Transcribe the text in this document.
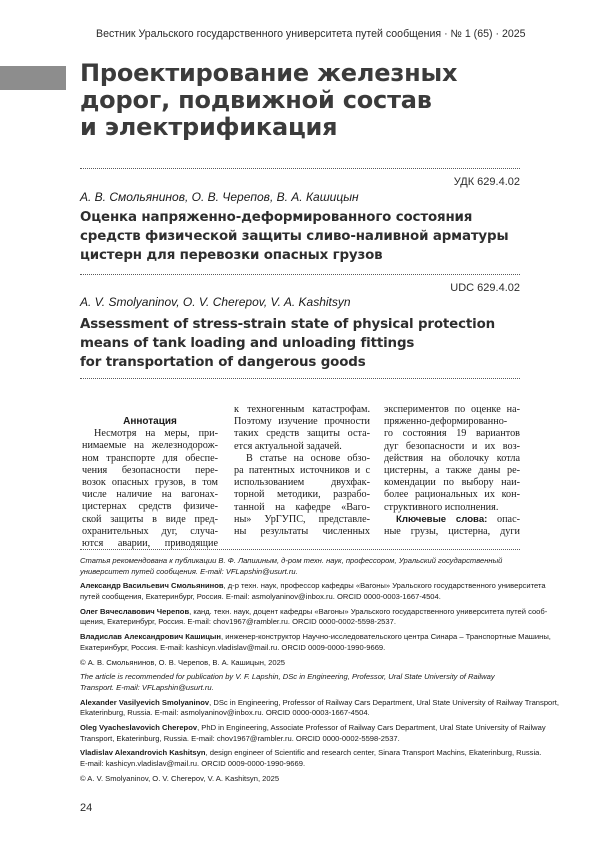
Вестник Уральского государственного университета путей сообщения · № 1 (65) · 2025
Проектирование железных
дорог, подвижной состав
и электрификация
УДК 629.4.02
А. В. Смольянинов, О. В. Черепов, В. А. Кашицын
Оценка напряженно-деформированного состояния
средств физической защиты сливо-наливной арматуры
цистерн для перевозки опасных грузов
UDC 629.4.02
A. V. Smolyaninov, O. V. Cherepov, V. A. Kashitsyn
Assessment of stress-strain state of physical protection
means of tank loading and unloading fittings
for transportation of dangerous goods
Аннотация
Несмотря на меры, при-
нимаемые на железнодорож-
ном транспорте для обеспе-
чения безопасности пере-
возок опасных грузов, в том
числе наличие на вагонах-
цистернах средств физиче-
ской защиты в виде пред-
охранительных дуг, случа-
ются аварии, приводящие
к техногенным катастрофам.
Поэтому изучение прочности
таких средств защиты оста-
ется актуальной задачей.
В статье на основе обзо-
ра патентных источников и с
использованием двухфак-
торной методики, разрабо-
танной на кафедре «Ваго-
ны» УрГУПС, представле-
ны результаты численных
экспериментов по оценке на-
пряженно-деформированно-
го состояния 19 вариантов
дуг безопасности и их воз-
действия на оболочку котла
цистерны, а также даны ре-
комендации по выбору наи-
более рациональных их кон-
структивного исполнения.
Ключевые слова: опас-
ные грузы, цистерна, дуги
Статья рекомендована к публикации В. Ф. Лапшиным, д-ром техн. наук, профессором, Уральский государственный
университет путей сообщения. E-mail: VFLapshin@usurt.ru.
Александр Васильевич Смольянинов, д-р техн. наук, профессор кафедры «Вагоны» Уральского государственного университета
путей сообщения, Екатеринбург, Россия. E-mail: asmolyaninov@inbox.ru. ORCID 0000-0003-1667-4504.
Олег Вячеславович Черепов, канд. техн. наук, доцент кафедры «Вагоны» Уральского государственного университета путей сооб-
щения, Екатеринбург, Россия. E-mail: chov1967@rambler.ru. ORCID 0000-0002-5598-2537.
Владислав Александрович Кашицын, инженер-конструктор Научно-исследовательского центра Синара – Транспортные Машины,
Екатеринбург, Россия. E-mail: kashicyn.vladislav@mail.ru. ORCID 0009-0000-1990-9669.
© А. В. Смольянинов, О. В. Черепов, В. А. Кашицын, 2025
The article is recommended for publication by V. F. Lapshin, DSc in Engineering, Professor, Ural State University of Railway
Transport. E-mail: VFLapshin@usurt.ru.
Alexander Vasilyevich Smolyaninov, DSc in Engineering, Professor of Railway Cars Department, Ural State University of Railway Transport,
Ekaterinburg, Russia. E-mail: asmolyaninov@inbox.ru. ORCID 0000-0003-1667-4504.
Oleg Vyacheslavovich Cherepov, PhD in Engineering, Associate Professor of Railway Cars Department, Ural State University of Railway
Transport, Ekaterinburg, Russia. E-mail: chov1967@rambler.ru. ORCID 0000-0002-5598-2537.
Vladislav Alexandrovich Kashitsyn, design engineer of Scientific and research center, Sinara Transport Machins, Ekaterinburg, Russia.
E-mail: kashicyn.vladislav@mail.ru. ORCID 0009-0000-1990-9669.
© A. V. Smolyaninov, O. V. Cherepov, V. A. Kashitsyn, 2025
24
